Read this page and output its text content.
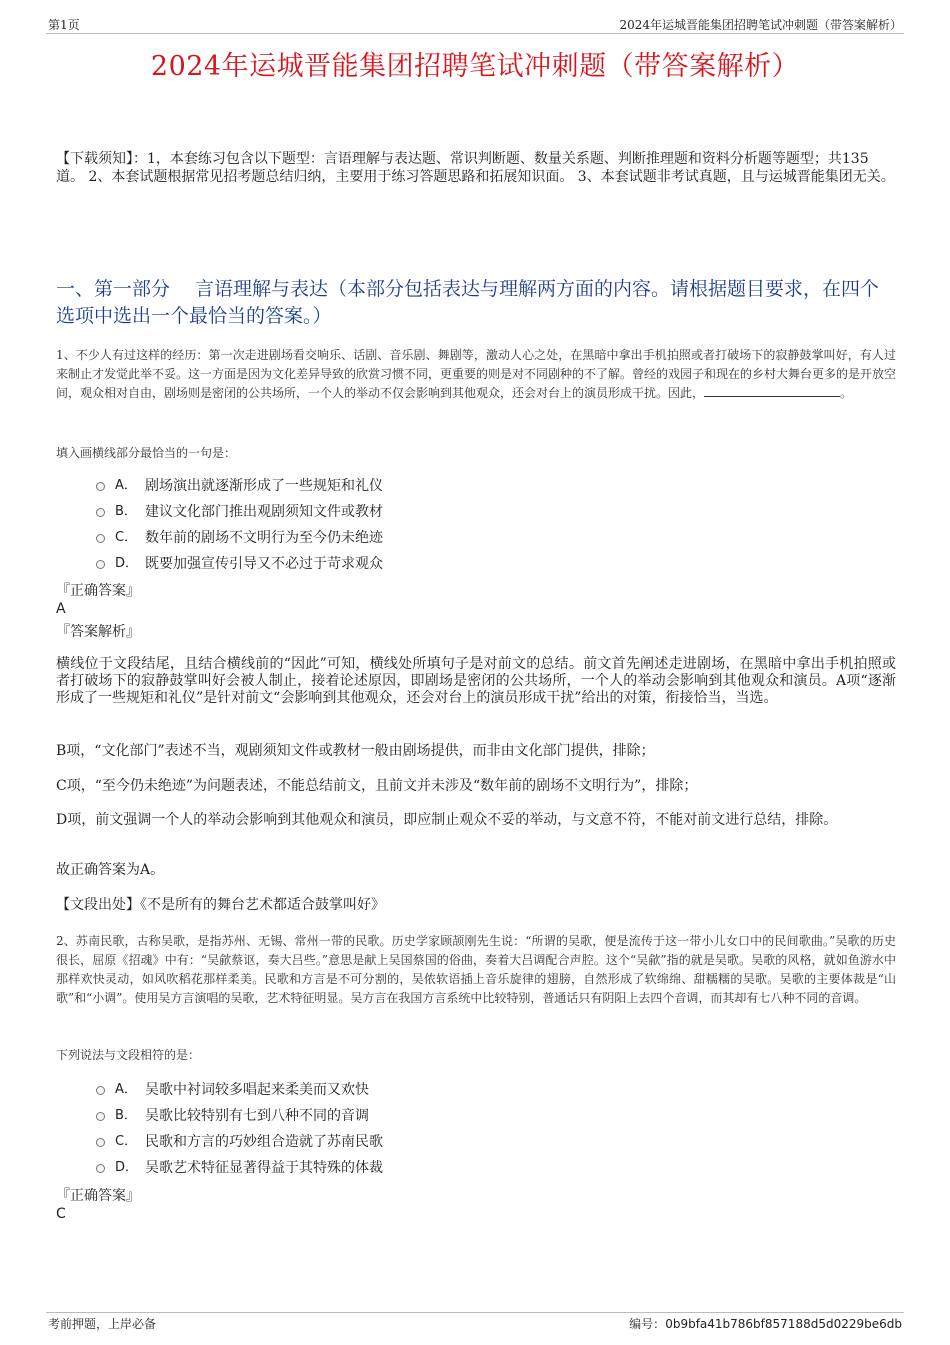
第1页	2024年运城晋能集团招聘笔试冲刺题（带答案解析）
2024年运城晋能集团招聘笔试冲刺题（带答案解析）
【下载须知】：1，本套练习包含以下题型：言语理解与表达题、常识判断题、数量关系题、判断推理题和资料分析题等题型；共135道。 2、本套试题根据常见招考题总结归纳，主要用于练习答题思路和拓展知识面。 3、本套试题非考试真题，且与运城晋能集团无关。
一、第一部分　 言语理解与表达（本部分包括表达与理解两方面的内容。请根据题目要求，在四个选项中选出一个最恰当的答案。）
1、不少人有过这样的经历：第一次走进剧场看交响乐、话剧、音乐剧、舞剧等，激动人心之处，在黑暗中拿出手机拍照或者打破场下的寂静鼓掌叫好，有人过来制止才发觉此举不妥。这一方面是因为文化差异导致的欣赏习惯不同，更重要的则是对不同剧种的不了解。曾经的戏园子和现在的乡村大舞台更多的是开放空间，观众相对自由，剧场则是密闭的公共场所，一个人的举动不仅会影响到其他观众，还会对台上的演员形成干扰。因此，	。
填入画横线部分最恰当的一句是：
A． 剧场演出就逐渐形成了一些规矩和礼仪
B． 建议文化部门推出观剧须知文件或教材
C． 数年前的剧场不文明行为至今仍未绝迹
D． 既要加强宣传引导又不必过于苛求观众
『正确答案』
A
『答案解析』
横线位于文段结尾，且结合横线前的“因此”可知，横线处所填句子是对前文的总结。前文首先阐述走进剧场，在黑暗中拿出手机拍照或者打破场下的寂静鼓掌叫好会被人制止，接着论述原因，即剧场是密闭的公共场所，一个人的举动会影响到其他观众和演员。A项“逐渐形成了一些规矩和礼仪”是针对前文“会影响到其他观众，还会对台上的演员形成干扰”给出的对策，衔接恰当，当选。
B项，“文化部门”表述不当，观剧须知文件或教材一般由剧场提供，而非由文化部门提供，排除；
C项，“至今仍未绝迹”为问题表述，不能总结前文，且前文并未涉及“数年前的剧场不文明行为”，排除；
D项，前文强调一个人的举动会影响到其他观众和演员，即应制止观众不妥的举动，与文意不符，不能对前文进行总结，排除。
故正确答案为A。
【文段出处】《不是所有的舞台艺术都适合鼓掌叫好》
2、苏南民歌，古称吴歌，是指苏州、无锡、常州一带的民歌。历史学家顾颉刚先生说：“所谓的吴歌，便是流传于这一带小儿女口中的民间歌曲。”吴歌的历史很长，屈原《招魂》中有：“吴歈蔡讴，奏大吕些。”意思是献上吴国蔡国的俗曲，奏着大吕调配合声腔。这个“吴歈”指的就是吴歌。吴歌的风格，就如鱼游水中那样欢快灵动，如风吹稻花那样柔美。民歌和方言是不可分割的，吴侬软语插上音乐旋律的翅膀，自然形成了软绵绵、甜糯糯的吴歌。吴歌的主要体裁是“山歌”和“小调”。使用吴方言演唱的吴歌，艺术特征明显。吴方言在我国方言系统中比较特别，普通话只有阴阳上去四个音调，而其却有七八种不同的音调。
下列说法与文段相符的是：
A． 吴歌中衬词较多唱起来柔美而又欢快
B． 吴歌比较特别有七到八种不同的音调
C． 民歌和方言的巧妙组合造就了苏南民歌
D． 吴歌艺术特征显著得益于其特殊的体裁
『正确答案』
C
考前押题，上岸必备	编号：0b9bfa41b786bf857188d5d0229be6db
